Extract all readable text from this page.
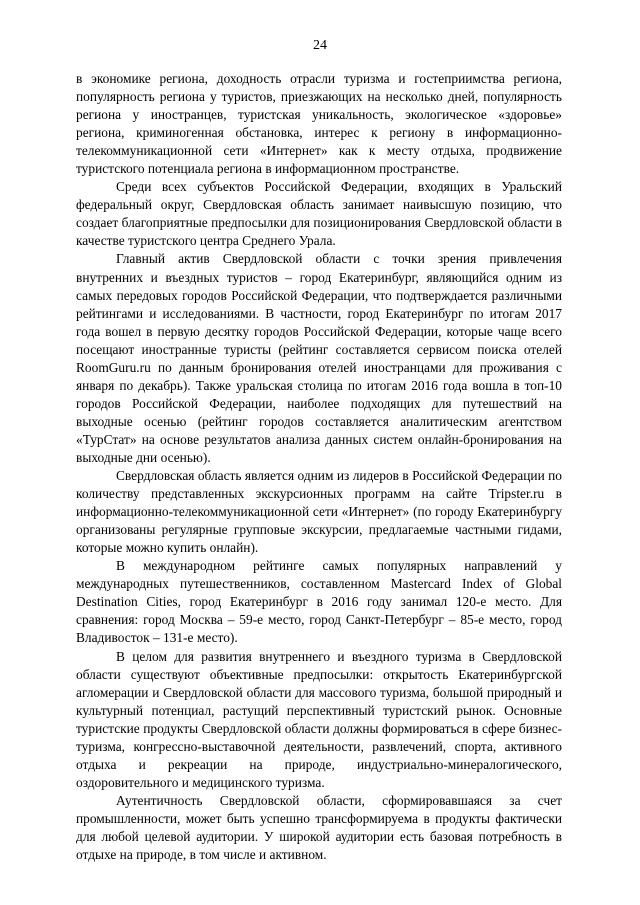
24

в экономике региона, доходность отрасли туризма и гостеприимства региона, популярность региона у туристов, приезжающих на несколько дней, популярность региона у иностранцев, туристская уникальность, экологическое «здоровье» региона, криминогенная обстановка, интерес к региону в информационно-телекоммуникационной сети «Интернет» как к месту отдыха, продвижение туристского потенциала региона в информационном пространстве.

Среди всех субъектов Российской Федерации, входящих в Уральский федеральный округ, Свердловская область занимает наивысшую позицию, что создает благоприятные предпосылки для позиционирования Свердловской области в качестве туристского центра Среднего Урала.

Главный актив Свердловской области с точки зрения привлечения внутренних и въездных туристов – город Екатеринбург, являющийся одним из самых передовых городов Российской Федерации, что подтверждается различными рейтингами и исследованиями. В частности, город Екатеринбург по итогам 2017 года вошел в первую десятку городов Российской Федерации, которые чаще всего посещают иностранные туристы (рейтинг составляется сервисом поиска отелей RoomGuru.ru по данным бронирования отелей иностранцами для проживания с января по декабрь). Также уральская столица по итогам 2016 года вошла в топ-10 городов Российской Федерации, наиболее подходящих для путешествий на выходные осенью (рейтинг городов составляется аналитическим агентством «ТурСтат» на основе результатов анализа данных систем онлайн-бронирования на выходные дни осенью).

Свердловская область является одним из лидеров в Российской Федерации по количеству представленных экскурсионных программ на сайте Tripster.ru в информационно-телекоммуникационной сети «Интернет» (по городу Екатеринбургу организованы регулярные групповые экскурсии, предлагаемые частными гидами, которые можно купить онлайн).

В международном рейтинге самых популярных направлений у международных путешественников, составленном Mastercard Index of Global Destination Cities, город Екатеринбург в 2016 году занимал 120-е место. Для сравнения: город Москва – 59-е место, город Санкт-Петербург – 85-е место, город Владивосток – 131-е место).

В целом для развития внутреннего и въездного туризма в Свердловской области существуют объективные предпосылки: открытость Екатеринбургской агломерации и Свердловской области для массового туризма, большой природный и культурный потенциал, растущий перспективный туристский рынок. Основные туристские продукты Свердловской области должны формироваться в сфере бизнес-туризма, конгрессно-выставочной деятельности, развлечений, спорта, активного отдыха и рекреации на природе, индустриально-минералогического, оздоровительного и медицинского туризма.

Аутентичность Свердловской области, сформировавшаяся за счет промышленности, может быть успешно трансформируема в продукты фактически для любой целевой аудитории. У широкой аудитории есть базовая потребность в отдыхе на природе, в том числе и активном.
